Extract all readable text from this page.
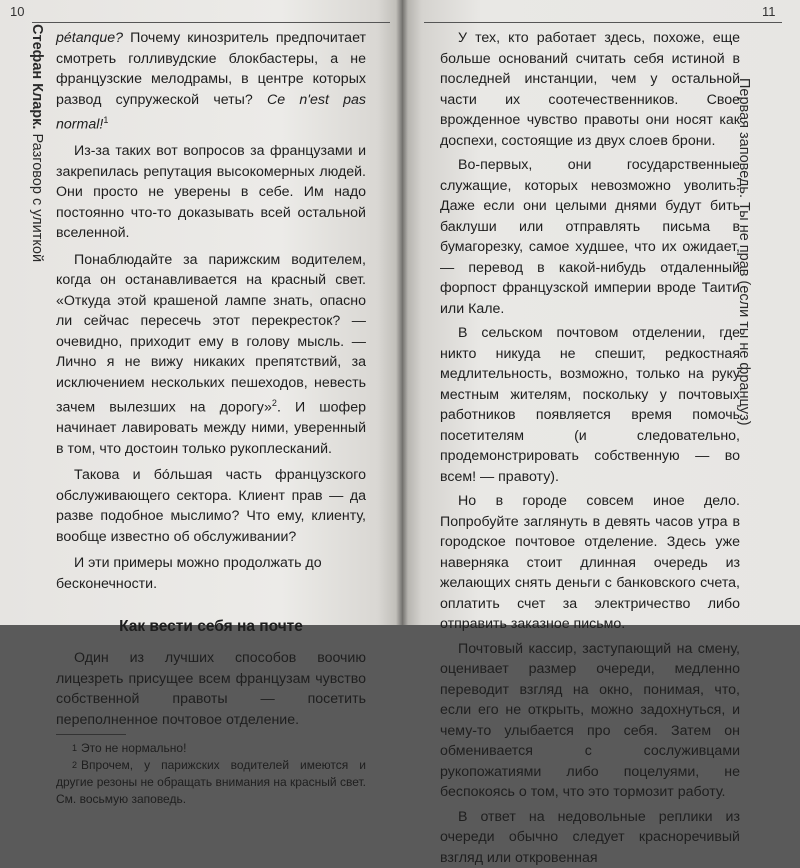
10
Стефан Кларк. Разговор с улиткой

pétanque? Почему кинозритель предпочитает смотреть голливудские блокбастеры, а не французские мелодрамы, в центре которых развод супружеской четы? Ce n'est pas normal!$^1$

Из-за таких вот вопросов за французами и закрепилась репутация высокомерных людей. Они просто не уверены в себе. Им надо постоянно что-то доказывать всей остальной вселенной.

Понаблюдайте за парижским водителем, когда он останавливается на красный свет. «Откуда этой крашеной лампе знать, опасно ли сейчас пересечь этот перекресток? — очевидно, приходит ему в голову мысль. — Лично я не вижу никаких препятствий, за исключением нескольких пешеходов, невесть зачем вылезших на дорогу»$^2$. И шофер начинает лавировать между ними, уверенный в том, что достоин только рукоплесканий.

Такова и бóльшая часть французского обслуживающего сектора. Клиент прав — да разве подобное мыслимо? Что ему, клиенту, вообще известно об обслуживании?

И эти примеры можно продолжать до бесконечности.

Как вести себя на почте

Один из лучших способов воочию лицезреть присущее всем французам чувство собственной правоты — посетить переполненное почтовое отделение.

$^1$ Это не нормально!
$^2$ Впрочем, у парижских водителей имеются и другие резоны не обращать внимания на красный свет. См. восьмую заповедь.
11
Первая заповедь. Ты не прав (если ты не француз)

У тех, кто работает здесь, похоже, еще больше оснований считать себя истиной в последней инстанции, чем у остальной части их соотечественников. Свое врожденное чувство правоты они носят как доспехи, состоящие из двух слоев брони.

Во-первых, они государственные служащие, которых невозможно уволить. Даже если они целыми днями будут бить баклуши или отправлять письма в бумагорезку, самое худшее, что их ожидает, — перевод в какой-нибудь отдаленный форпост французской империи вроде Таити или Кале.

В сельском почтовом отделении, где никто никуда не спешит, редкостная медлительность, возможно, только на руку местным жителям, поскольку у почтовых работников появляется время помочь посетителям (и следовательно, продемонстрировать собственную — во всем! — правоту).

Но в городе совсем иное дело. Попробуйте заглянуть в девять часов утра в городское почтовое отделение. Здесь уже наверняка стоит длинная очередь из желающих снять деньги с банковского счета, оплатить счет за электричество либо отправить заказное письмо.

Почтовый кассир, заступающий на смену, оценивает размер очереди, медленно переводит взгляд на окно, понимая, что, если его не открыть, можно задохнуться, и чему-то улыбается про себя. Затем он обменивается с сослуживцами рукопожатиями либо поцелуями, не беспокоясь о том, что это тормозит работу.

В ответ на недовольные реплики из очереди обычно следует красноречивый взгляд или откровенная
